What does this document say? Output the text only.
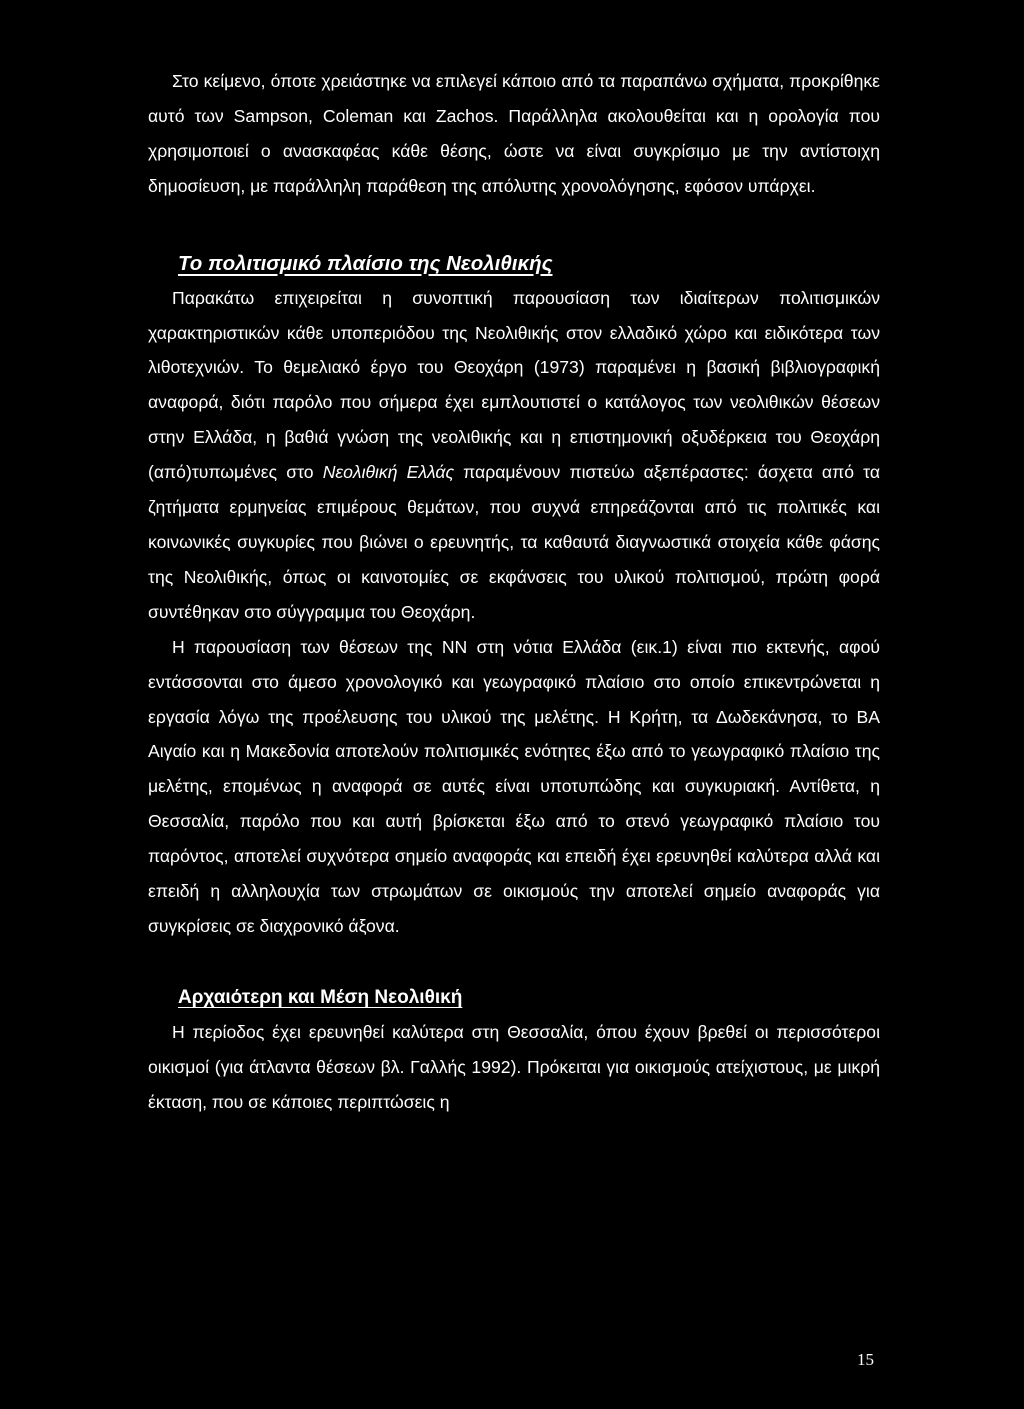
Στο κείμενο, όποτε χρειάστηκε να επιλεγεί κάποιο από τα παραπάνω σχήματα, προκρίθηκε αυτό των Sampson, Coleman και Zachos. Παράλληλα ακολουθείται και η ορολογία που χρησιμοποιεί ο ανασκαφέας κάθε θέσης, ώστε να είναι συγκρίσιμο με την αντίστοιχη δημοσίευση, με παράλληλη παράθεση της απόλυτης χρονολόγησης, εφόσον υπάρχει.

Το πολιτισμικό πλαίσιο της Νεολιθικής

Παρακάτω επιχειρείται η συνοπτική παρουσίαση των ιδιαίτερων πολιτισμικών χαρακτηριστικών κάθε υποπεριόδου της Νεολιθικής στον ελλαδικό χώρο και ειδικότερα των λιθοτεχνιών. Το θεμελιακό έργο του Θεοχάρη (1973) παραμένει η βασική βιβλιογραφική αναφορά, διότι παρόλο που σήμερα έχει εμπλουτιστεί ο κατάλογος των νεολιθικών θέσεων στην Ελλάδα, η βαθιά γνώση της νεολιθικής και η επιστημονική οξυδέρκεια του Θεοχάρη (από)τυπωμένες στο Νεολιθική Ελλάς παραμένουν πιστεύω αξεπέραστες: άσχετα από τα ζητήματα ερμηνείας επιμέρους θεμάτων, που συχνά επηρεάζονται από τις πολιτικές και κοινωνικές συγκυρίες που βιώνει ο ερευνητής, τα καθαυτά διαγνωστικά στοιχεία κάθε φάσης της Νεολιθικής, όπως οι καινοτομίες σε εκφάνσεις του υλικού πολιτισμού, πρώτη φορά συντέθηκαν στο σύγγραμμα του Θεοχάρη.

Η παρουσίαση των θέσεων της ΝΝ στη νότια Ελλάδα (εικ.1) είναι πιο εκτενής, αφού εντάσσονται στο άμεσο χρονολογικό και γεωγραφικό πλαίσιο στο οποίο επικεντρώνεται η εργασία λόγω της προέλευσης του υλικού της μελέτης. Η Κρήτη, τα Δωδεκάνησα, το ΒΑ Αιγαίο και η Μακεδονία αποτελούν πολιτισμικές ενότητες έξω από το γεωγραφικό πλαίσιο της μελέτης, επομένως η αναφορά σε αυτές είναι υποτυπώδης και συγκυριακή. Αντίθετα, η Θεσσαλία, παρόλο που και αυτή βρίσκεται έξω από το στενό γεωγραφικό πλαίσιο του παρόντος, αποτελεί συχνότερα σημείο αναφοράς και επειδή έχει ερευνηθεί καλύτερα αλλά και επειδή η αλληλουχία των στρωμάτων σε οικισμούς την αποτελεί σημείο αναφοράς για συγκρίσεις σε διαχρονικό άξονα.

Αρχαιότερη και Μέση Νεολιθική

Η περίοδος έχει ερευνηθεί καλύτερα στη Θεσσαλία, όπου έχουν βρεθεί οι περισσότεροι οικισμοί (για άτλαντα θέσεων βλ. Γαλλής 1992). Πρόκειται για οικισμούς ατείχιστους, με μικρή έκταση, που σε κάποιες περιπτώσεις η

15
